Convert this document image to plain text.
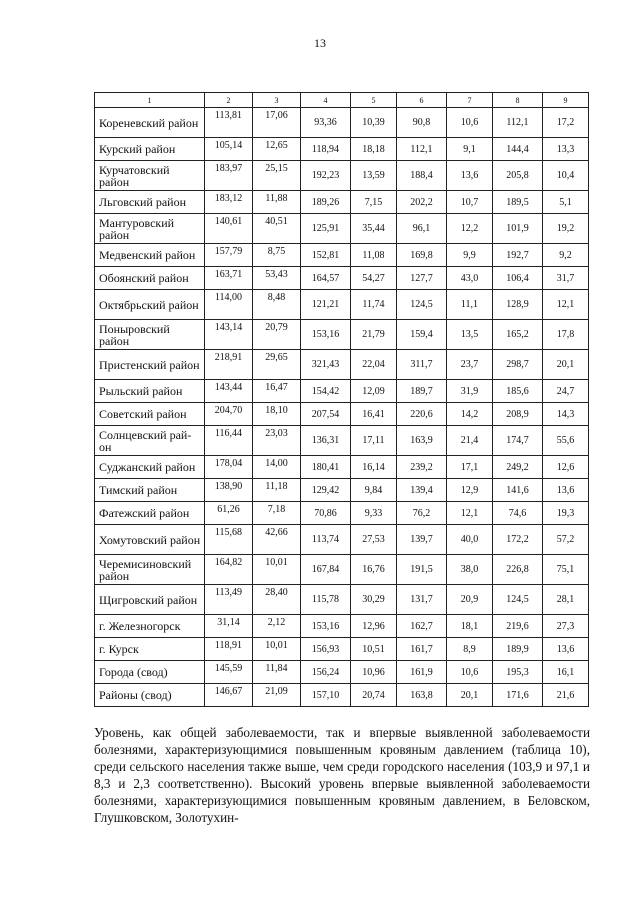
13
1	2	3	4	5	6	7	8	9
Кореневский район	113,81	17,06	93,36	10,39	90,8	10,6	112,1	17,2
Курский район	105,14	12,65	118,94	18,18	112,1	9,1	144,4	13,3
Курчатовский район	183,97	25,15	192,23	13,59	188,4	13,6	205,8	10,4
Льговский район	183,12	11,88	189,26	7,15	202,2	10,7	189,5	5,1
Мантуровский район	140,61	40,51	125,91	35,44	96,1	12,2	101,9	19,2
Медвенский район	157,79	8,75	152,81	11,08	169,8	9,9	192,7	9,2
Обоянский район	163,71	53,43	164,57	54,27	127,7	43,0	106,4	31,7
Октябрьский район	114,00	8,48	121,21	11,74	124,5	11,1	128,9	12,1
Поныровский район	143,14	20,79	153,16	21,79	159,4	13,5	165,2	17,8
Пристенский район	218,91	29,65	321,43	22,04	311,7	23,7	298,7	20,1
Рыльский район	143,44	16,47	154,42	12,09	189,7	31,9	185,6	24,7
Советский район	204,70	18,10	207,54	16,41	220,6	14,2	208,9	14,3
Солнцевский рай-он	116,44	23,03	136,31	17,11	163,9	21,4	174,7	55,6
Суджанский район	178,04	14,00	180,41	16,14	239,2	17,1	249,2	12,6
Тимский район	138,90	11,18	129,42	9,84	139,4	12,9	141,6	13,6
Фатежский район	61,26	7,18	70,86	9,33	76,2	12,1	74,6	19,3
Хомутовский район	115,68	42,66	113,74	27,53	139,7	40,0	172,2	57,2
Черемисиновский район	164,82	10,01	167,84	16,76	191,5	38,0	226,8	75,1
Щигровский район	113,49	28,40	115,78	30,29	131,7	20,9	124,5	28,1
г. Железногорск	31,14	2,12	153,16	12,96	162,7	18,1	219,6	27,3
г. Курск	118,91	10,01	156,93	10,51	161,7	8,9	189,9	13,6
Города (свод)	145,59	11,84	156,24	10,96	161,9	10,6	195,3	16,1
Районы (свод)	146,67	21,09	157,10	20,74	163,8	20,1	171,6	21,6

Уровень, как общей заболеваемости, так и впервые выявленной заболеваемости болезнями, характеризующимися повышенным кровяным давлением (таблица 10), среди сельского населения также выше, чем среди городского населения (103,9 и 97,1 и 8,3 и 2,3 соответственно). Высокий уровень впервые выявленной заболеваемости болезнями, характеризующимися повышенным кровяным давлением, в Беловском, Глушковском, Золотухин-
